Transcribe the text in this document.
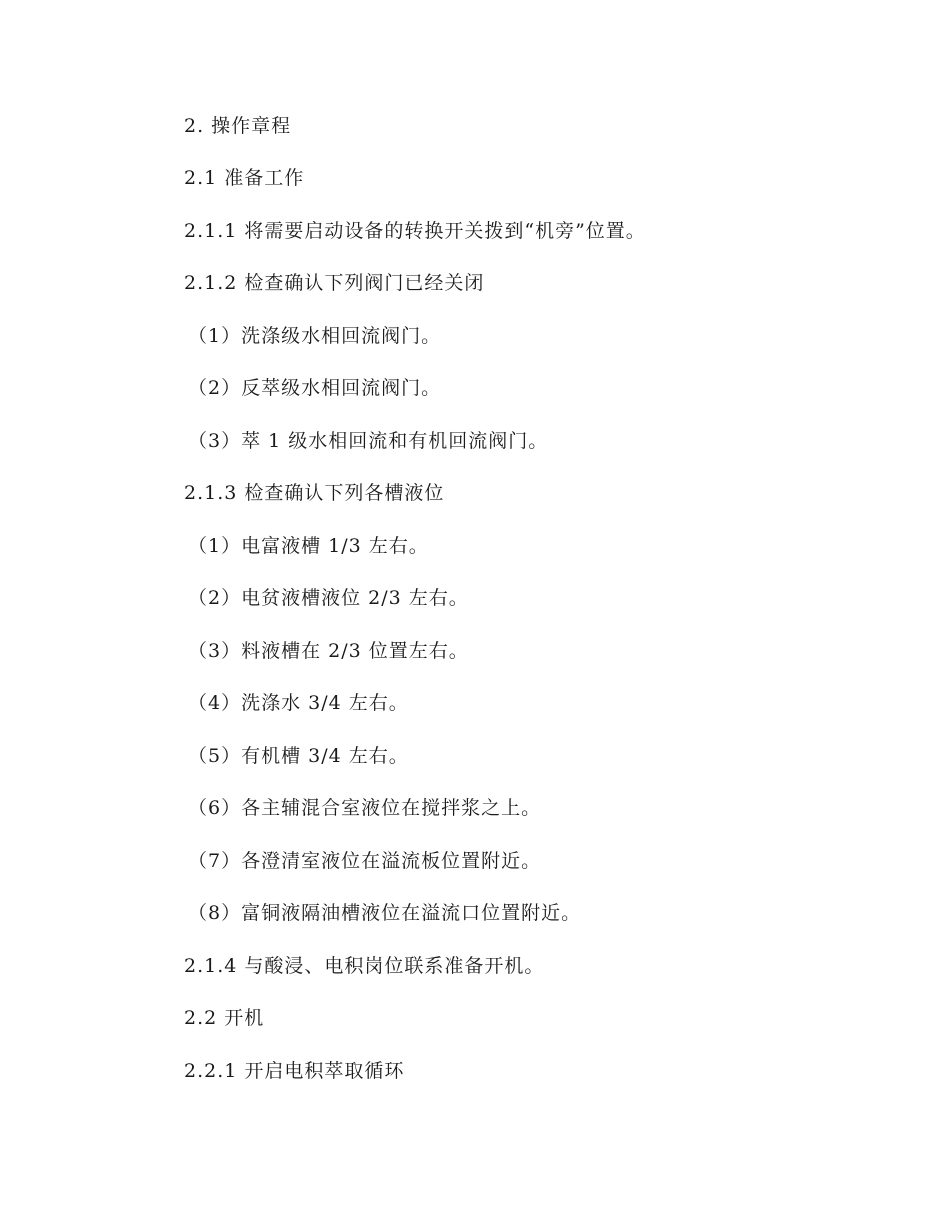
2. 操作章程
2.1 准备工作
2.1.1 将需要启动设备的转换开关拨到“机旁”位置。
2.1.2 检查确认下列阀门已经关闭
（1）洗涤级水相回流阀门。
（2）反萃级水相回流阀门。
（3）萃 1 级水相回流和有机回流阀门。
2.1.3 检查确认下列各槽液位
（1）电富液槽 1/3 左右。
（2）电贫液槽液位 2/3 左右。
（3）料液槽在 2/3 位置左右。
（4）洗涤水 3/4 左右。
（5）有机槽 3/4 左右。
（6）各主辅混合室液位在搅拌浆之上。
（7）各澄清室液位在溢流板位置附近。
（8）富铜液隔油槽液位在溢流口位置附近。
2.1.4 与酸浸、电积岗位联系准备开机。
2.2 开机
2.2.1 开启电积萃取循环
